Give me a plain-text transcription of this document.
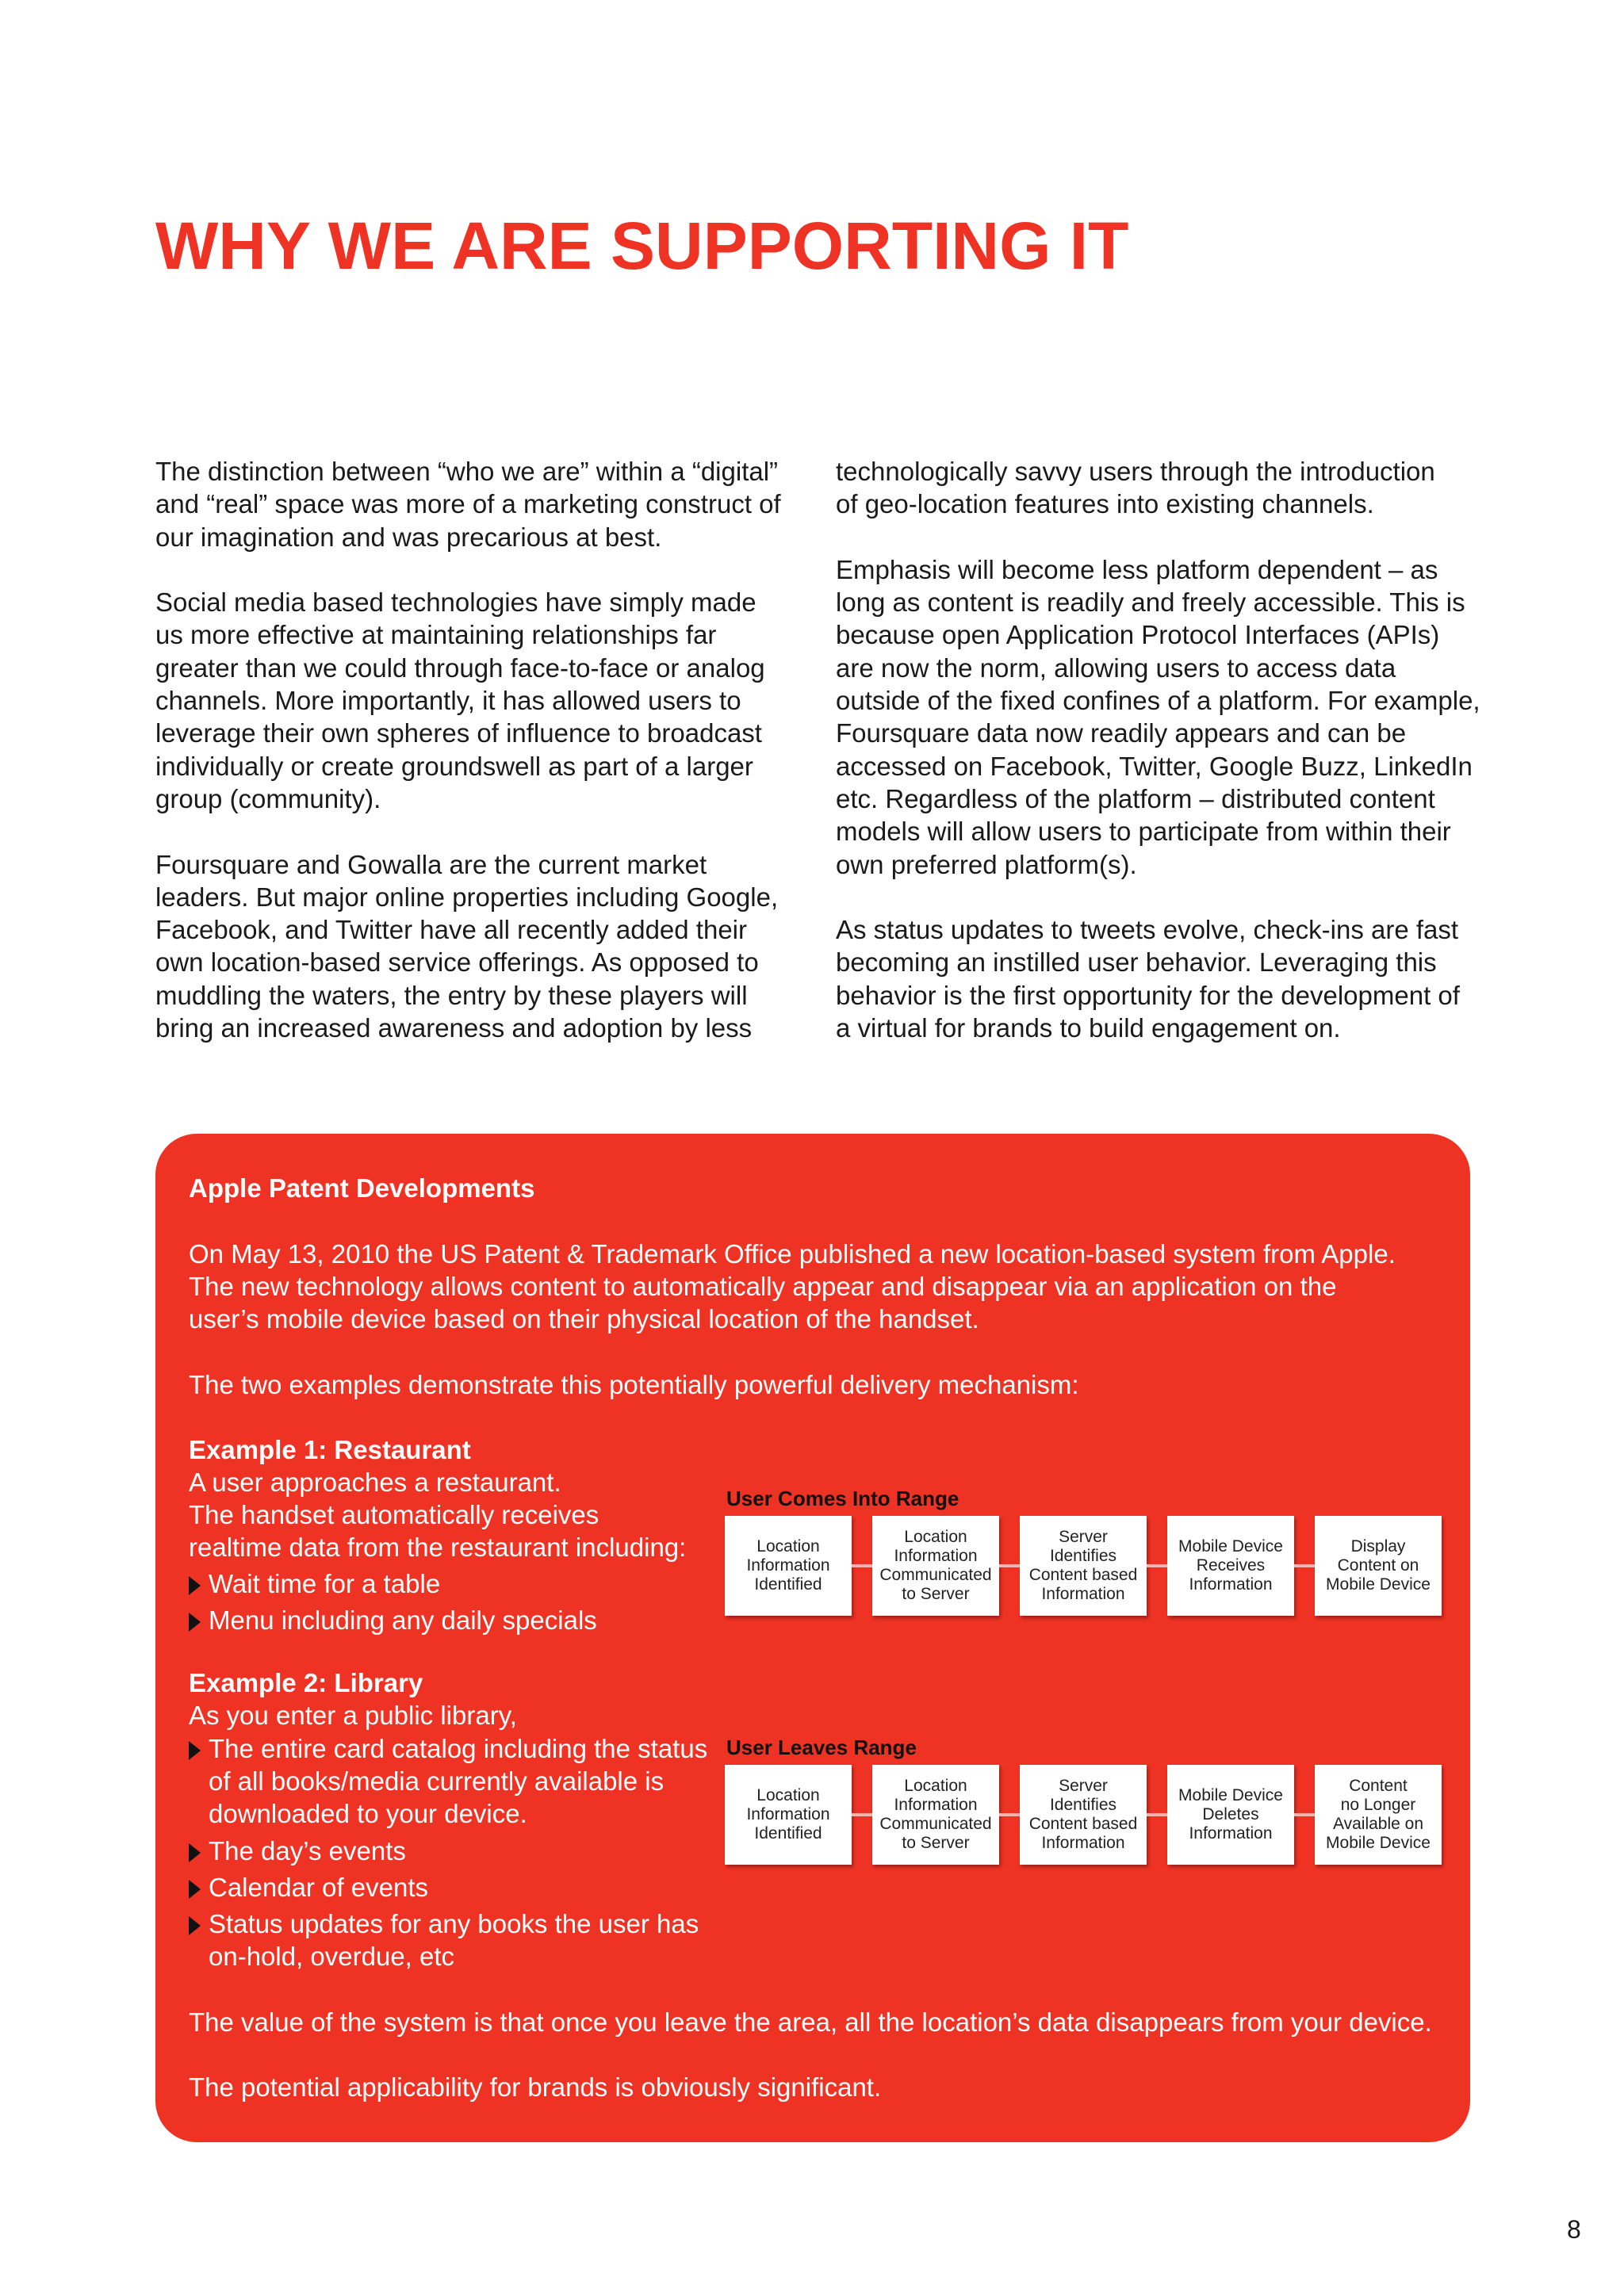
WHY WE ARE SUPPORTING IT

The distinction between “who we are” within a “digital”
and “real” space was more of a marketing construct of
our imagination and was precarious at best.

Social media based technologies have simply made
us more effective at maintaining relationships far
greater than we could through face-to-face or analog
channels. More importantly, it has allowed users to
leverage their own spheres of influence to broadcast
individually or create groundswell as part of a larger
group (community).

Foursquare and Gowalla are the current market
leaders. But major online properties including Google,
Facebook, and Twitter have all recently added their
own location-based service offerings. As opposed to
muddling the waters, the entry by these players will
bring an increased awareness and adoption by less

technologically savvy users through the introduction
of geo-location features into existing channels.

Emphasis will become less platform dependent – as
long as content is readily and freely accessible. This is
because open Application Protocol Interfaces (APIs)
are now the norm, allowing users to access data
outside of the fixed confines of a platform. For example,
Foursquare data now readily appears and can be
accessed on Facebook, Twitter, Google Buzz, LinkedIn
etc. Regardless of the platform – distributed content
models will allow users to participate from within their
own preferred platform(s).

As status updates to tweets evolve, check-ins are fast
becoming an instilled user behavior. Leveraging this
behavior is the first opportunity for the development of
a virtual for brands to build engagement on.

Apple Patent Developments
On May 13, 2010 the US Patent & Trademark Office published a new location-based system from Apple.
The new technology allows content to automatically appear and disappear via an application on the
user’s mobile device based on their physical location of the handset.
The two examples demonstrate this potentially powerful delivery mechanism:
Example 1: Restaurant
A user approaches a restaurant.
The handset automatically receives
realtime data from the restaurant including:
Wait time for a table
Menu including any daily specials
Example 2: Library
As you enter a public library,
The entire card catalog including the status
of all books/media currently available is
downloaded to your device.
The day’s events
Calendar of events
Status updates for any books the user has
on-hold, overdue, etc
The value of the system is that once you leave the area, all the location’s data disappears from your device.
The potential applicability for brands is obviously significant.
User Comes Into Range
User Leaves Range
Location
Information
Identified
Location
Information
Communicated
to Server
Server
Identifies
Content based
Information
Mobile Device
Receives
Information
Display
Content on
Mobile Device
Location
Information
Identified
Location
Information
Communicated
to Server
Server
Identifies
Content based
Information
Mobile Device
Deletes
Information
Content
no Longer
Available on
Mobile Device
8
